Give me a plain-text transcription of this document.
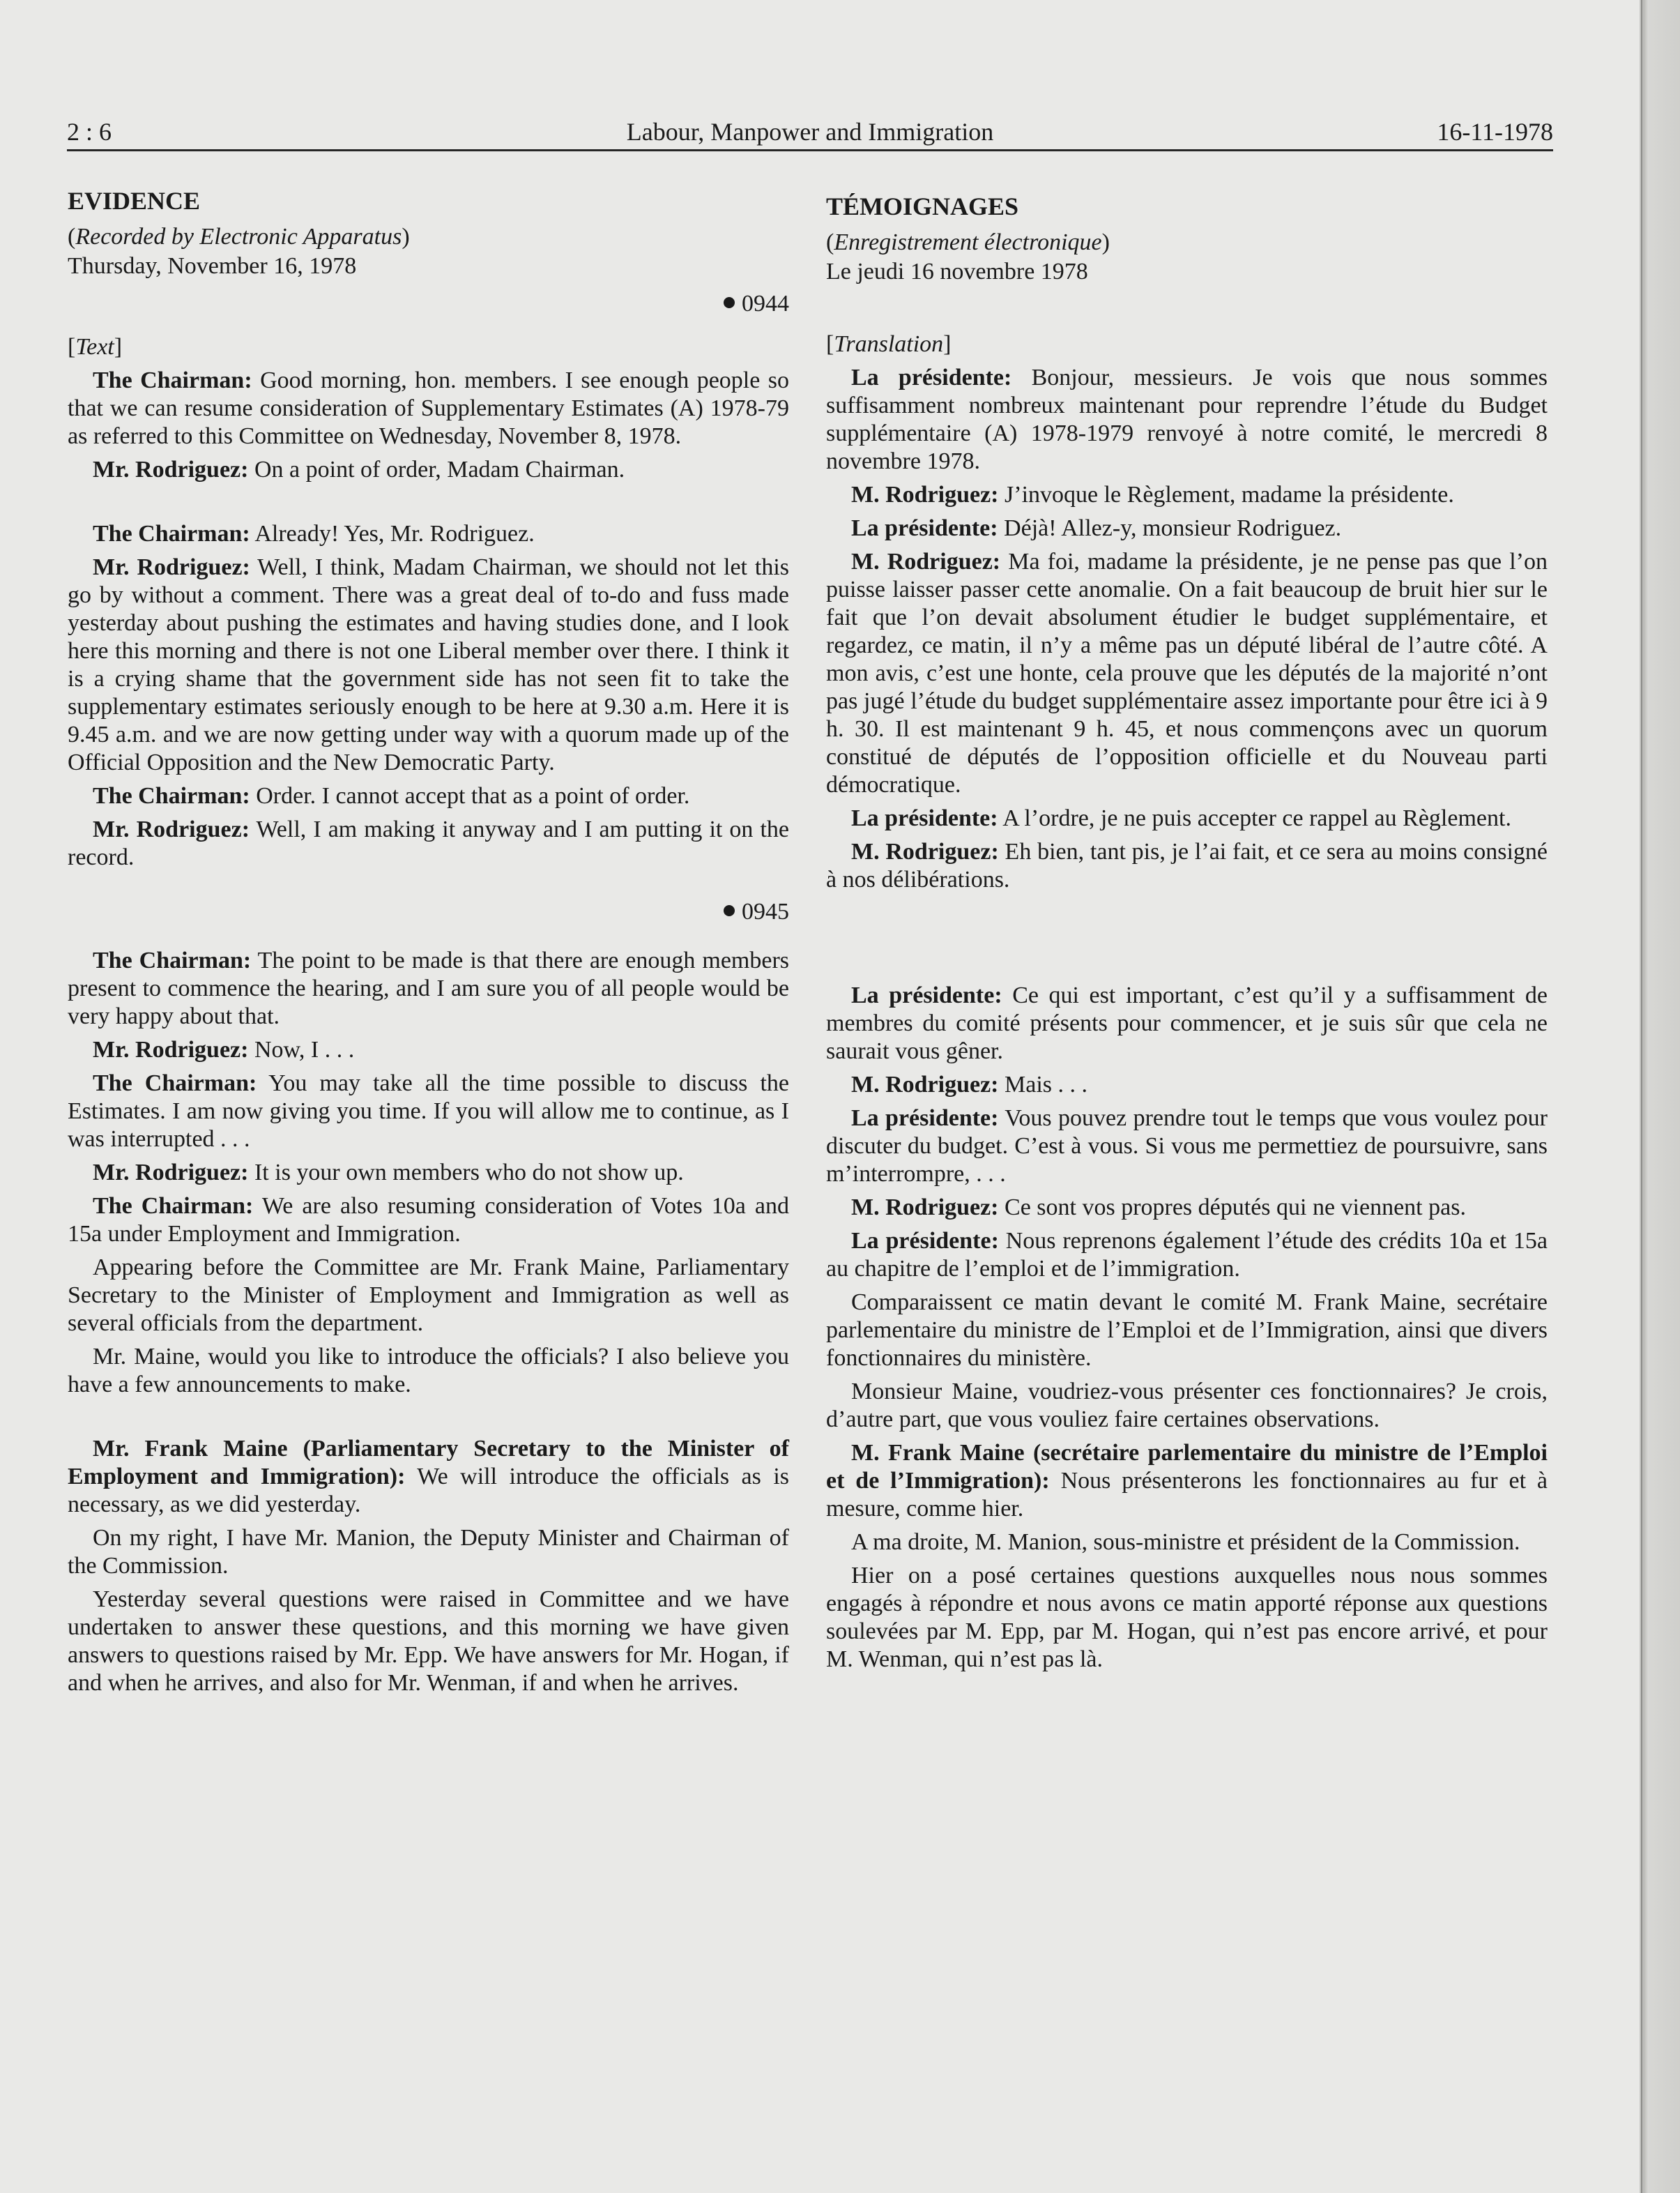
2 : 6	Labour, Manpower and Immigration	16-11-1978

EVIDENCE

(Recorded by Electronic Apparatus)

Thursday, November 16, 1978

0944

[Text]

The Chairman: Good morning, hon. members. I see enough people so that we can resume consideration of Supplementary Estimates (A) 1978-79 as referred to this Committee on Wednesday, November 8, 1978.

Mr. Rodriguez: On a point of order, Madam Chairman.

The Chairman: Already! Yes, Mr. Rodriguez.

Mr. Rodriguez: Well, I think, Madam Chairman, we should not let this go by without a comment. There was a great deal of to-do and fuss made yesterday about pushing the estimates and having studies done, and I look here this morning and there is not one Liberal member over there. I think it is a crying shame that the government side has not seen fit to take the supplementary estimates seriously enough to be here at 9.30 a.m. Here it is 9.45 a.m. and we are now getting under way with a quorum made up of the Official Opposition and the New Democratic Party.

The Chairman: Order. I cannot accept that as a point of order.

Mr. Rodriguez: Well, I am making it anyway and I am putting it on the record.

0945

The Chairman: The point to be made is that there are enough members present to commence the hearing, and I am sure you of all people would be very happy about that.

Mr. Rodriguez: Now, I . . .

The Chairman: You may take all the time possible to discuss the Estimates. I am now giving you time. If you will allow me to continue, as I was interrupted . . .

Mr. Rodriguez: It is your own members who do not show up.

The Chairman: We are also resuming consideration of Votes 10a and 15a under Employment and Immigration.

Appearing before the Committee are Mr. Frank Maine, Parliamentary Secretary to the Minister of Employment and Immigration as well as several officials from the department.

Mr. Maine, would you like to introduce the officials? I also believe you have a few announcements to make.

Mr. Frank Maine (Parliamentary Secretary to the Minister of Employment and Immigration): We will introduce the officials as is necessary, as we did yesterday.

On my right, I have Mr. Manion, the Deputy Minister and Chairman of the Commission.

Yesterday several questions were raised in Committee and we have undertaken to answer these questions, and this morning we have given answers to questions raised by Mr. Epp. We have answers for Mr. Hogan, if and when he arrives, and also for Mr. Wenman, if and when he arrives.

TÉMOIGNAGES

(Enregistrement électronique)

Le jeudi 16 novembre 1978

[Translation]

La présidente: Bonjour, messieurs. Je vois que nous sommes suffisamment nombreux maintenant pour reprendre l’étude du Budget supplémentaire (A) 1978-1979 renvoyé à notre comité, le mercredi 8 novembre 1978.

M. Rodriguez: J’invoque le Règlement, madame la présidente.

La présidente: Déjà! Allez-y, monsieur Rodriguez.

M. Rodriguez: Ma foi, madame la présidente, je ne pense pas que l’on puisse laisser passer cette anomalie. On a fait beaucoup de bruit hier sur le fait que l’on devait absolument étudier le budget supplémentaire, et regardez, ce matin, il n’y a même pas un député libéral de l’autre côté. A mon avis, c’est une honte, cela prouve que les députés de la majorité n’ont pas jugé l’étude du budget supplémentaire assez importante pour être ici à 9 h. 30. Il est maintenant 9 h. 45, et nous commençons avec un quorum constitué de députés de l’opposition officielle et du Nouveau parti démocratique.

La présidente: A l’ordre, je ne puis accepter ce rappel au Règlement.

M. Rodriguez: Eh bien, tant pis, je l’ai fait, et ce sera au moins consigné à nos délibérations.

La présidente: Ce qui est important, c’est qu’il y a suffisamment de membres du comité présents pour commencer, et je suis sûr que cela ne saurait vous gêner.

M. Rodriguez: Mais . . .

La présidente: Vous pouvez prendre tout le temps que vous voulez pour discuter du budget. C’est à vous. Si vous me permettiez de poursuivre, sans m’interrompre, . . .

M. Rodriguez: Ce sont vos propres députés qui ne viennent pas.

La présidente: Nous reprenons également l’étude des crédits 10a et 15a au chapitre de l’emploi et de l’immigration.

Comparaissent ce matin devant le comité M. Frank Maine, secrétaire parlementaire du ministre de l’Emploi et de l’Immigration, ainsi que divers fonctionnaires du ministère.

Monsieur Maine, voudriez-vous présenter ces fonctionnaires? Je crois, d’autre part, que vous vouliez faire certaines observations.

M. Frank Maine (secrétaire parlementaire du ministre de l’Emploi et de l’Immigration): Nous présenterons les fonctionnaires au fur et à mesure, comme hier.

A ma droite, M. Manion, sous-ministre et président de la Commission.

Hier on a posé certaines questions auxquelles nous nous sommes engagés à répondre et nous avons ce matin apporté réponse aux questions soulevées par M. Epp, par M. Hogan, qui n’est pas encore arrivé, et pour M. Wenman, qui n’est pas là.
